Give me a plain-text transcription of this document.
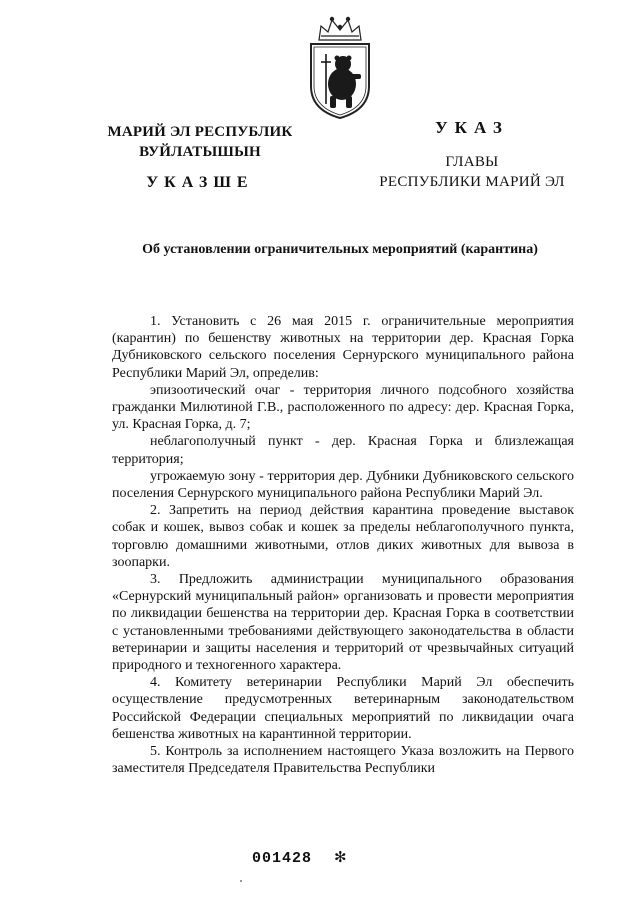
МАРИЙ ЭЛ РЕСПУБЛИК
ВУЙЛАТЫШЫН
УКАЗШЕ
УКАЗ
ГЛАВЫ
РЕСПУБЛИКИ МАРИЙ ЭЛ
Об установлении ограничительных мероприятий (карантина)

1. Установить с 26 мая 2015 г. ограничительные мероприятия (карантин) по бешенству животных на территории дер. Красная Горка Дубниковского сельского поселения Сернурского муниципального района Республики Марий Эл, определив:

эпизоотический очаг - территория личного подсобного хозяйства гражданки Милютиной Г.В., расположенного по адресу: дер. Красная Горка, ул. Красная Горка, д. 7;

неблагополучный пункт - дер. Красная Горка и близлежащая территория;

угрожаемую зону - территория дер. Дубники Дубниковского сельского поселения Сернурского муниципального района Республики Марий Эл.

2. Запретить на период действия карантина проведение выставок собак и кошек, вывоз собак и кошек за пределы неблагополучного пункта, торговлю домашними животными, отлов диких животных для вывоза в зоопарки.

3. Предложить администрации муниципального образования «Сернурский муниципальный район» организовать и провести мероприятия по ликвидации бешенства на территории дер. Красная Горка в соответствии с установленными требованиями действующего законодательства в области ветеринарии и защиты населения и территорий от чрезвычайных ситуаций природного и техногенного характера.

4. Комитету ветеринарии Республики Марий Эл обеспечить осуществление предусмотренных ветеринарным законодательством Российской Федерации специальных мероприятий по ликвидации очага бешенства животных на карантинной территории.

5. Контроль за исполнением настоящего Указа возложить на Первого заместителя Председателя Правительства Республики

001428 ✻
